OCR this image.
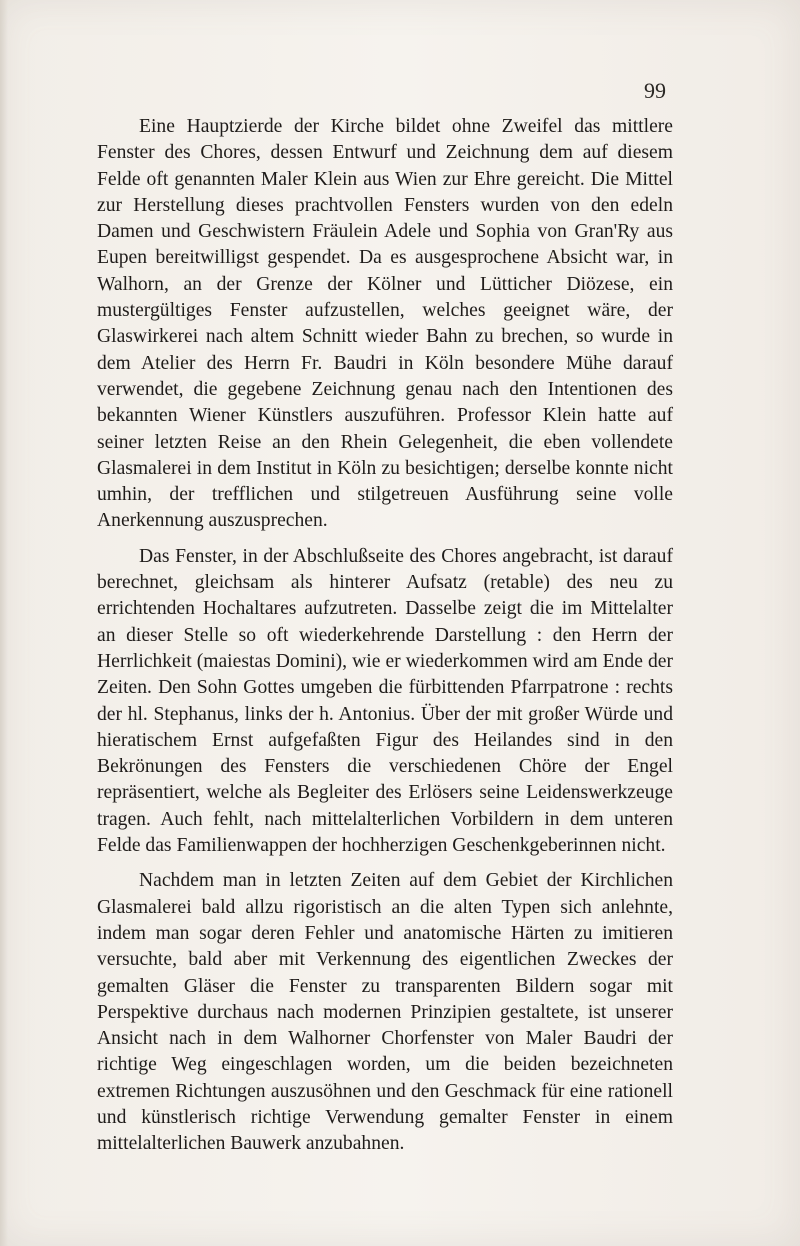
99

Eine Hauptzierde der Kirche bildet ohne Zweifel das mittlere Fenster des Chores, dessen Entwurf und Zeichnung dem auf diesem Felde oft genannten Maler Klein aus Wien zur Ehre gereicht. Die Mittel zur Herstellung dieses prachtvollen Fensters wurden von den edeln Damen und Geschwistern Fräulein Adele und Sophia von Gran'Ry aus Eupen bereitwilligst gespendet. Da es ausgesprochene Absicht war, in Walhorn, an der Grenze der Kölner und Lütticher Diözese, ein mustergültiges Fenster aufzustellen, welches geeignet wäre, der Glaswirkerei nach altem Schnitt wieder Bahn zu brechen, so wurde in dem Atelier des Herrn Fr. Baudri in Köln besondere Mühe darauf verwendet, die gegebene Zeichnung genau nach den Intentionen des bekannten Wiener Künstlers auszuführen. Professor Klein hatte auf seiner letzten Reise an den Rhein Gelegenheit, die eben vollendete Glasmalerei in dem Institut in Köln zu besichtigen; derselbe konnte nicht umhin, der trefflichen und stilgetreuen Ausführung seine volle Anerkennung auszusprechen.

Das Fenster, in der Abschlußseite des Chores angebracht, ist darauf berechnet, gleichsam als hinterer Aufsatz (retable) des neu zu errichtenden Hochaltares aufzutreten. Dasselbe zeigt die im Mittelalter an dieser Stelle so oft wiederkehrende Darstellung : den Herrn der Herrlichkeit (maiestas Domini), wie er wiederkommen wird am Ende der Zeiten. Den Sohn Gottes umgeben die fürbittenden Pfarrpatrone : rechts der hl. Stephanus, links der h. Antonius. Über der mit großer Würde und hieratischem Ernst aufgefaßten Figur des Heilandes sind in den Bekrönungen des Fensters die verschiedenen Chöre der Engel repräsentiert, welche als Begleiter des Erlösers seine Leidenswerkzeuge tragen. Auch fehlt, nach mittelalterlichen Vorbildern in dem unteren Felde das Familienwappen der hochherzigen Geschenkgeberinnen nicht.

Nachdem man in letzten Zeiten auf dem Gebiet der Kirchlichen Glasmalerei bald allzu rigoristisch an die alten Typen sich anlehnte, indem man sogar deren Fehler und anatomische Härten zu imitieren versuchte, bald aber mit Verkennung des eigentlichen Zweckes der gemalten Gläser die Fenster zu transparenten Bildern sogar mit Perspektive durchaus nach modernen Prinzipien gestaltete, ist unserer Ansicht nach in dem Walhorner Chorfenster von Maler Baudri der richtige Weg eingeschlagen worden, um die beiden bezeichneten extremen Richtungen auszusöhnen und den Geschmack für eine rationell und künstlerisch richtige Verwendung gemalter Fenster in einem mittelalterlichen Bauwerk anzubahnen.
